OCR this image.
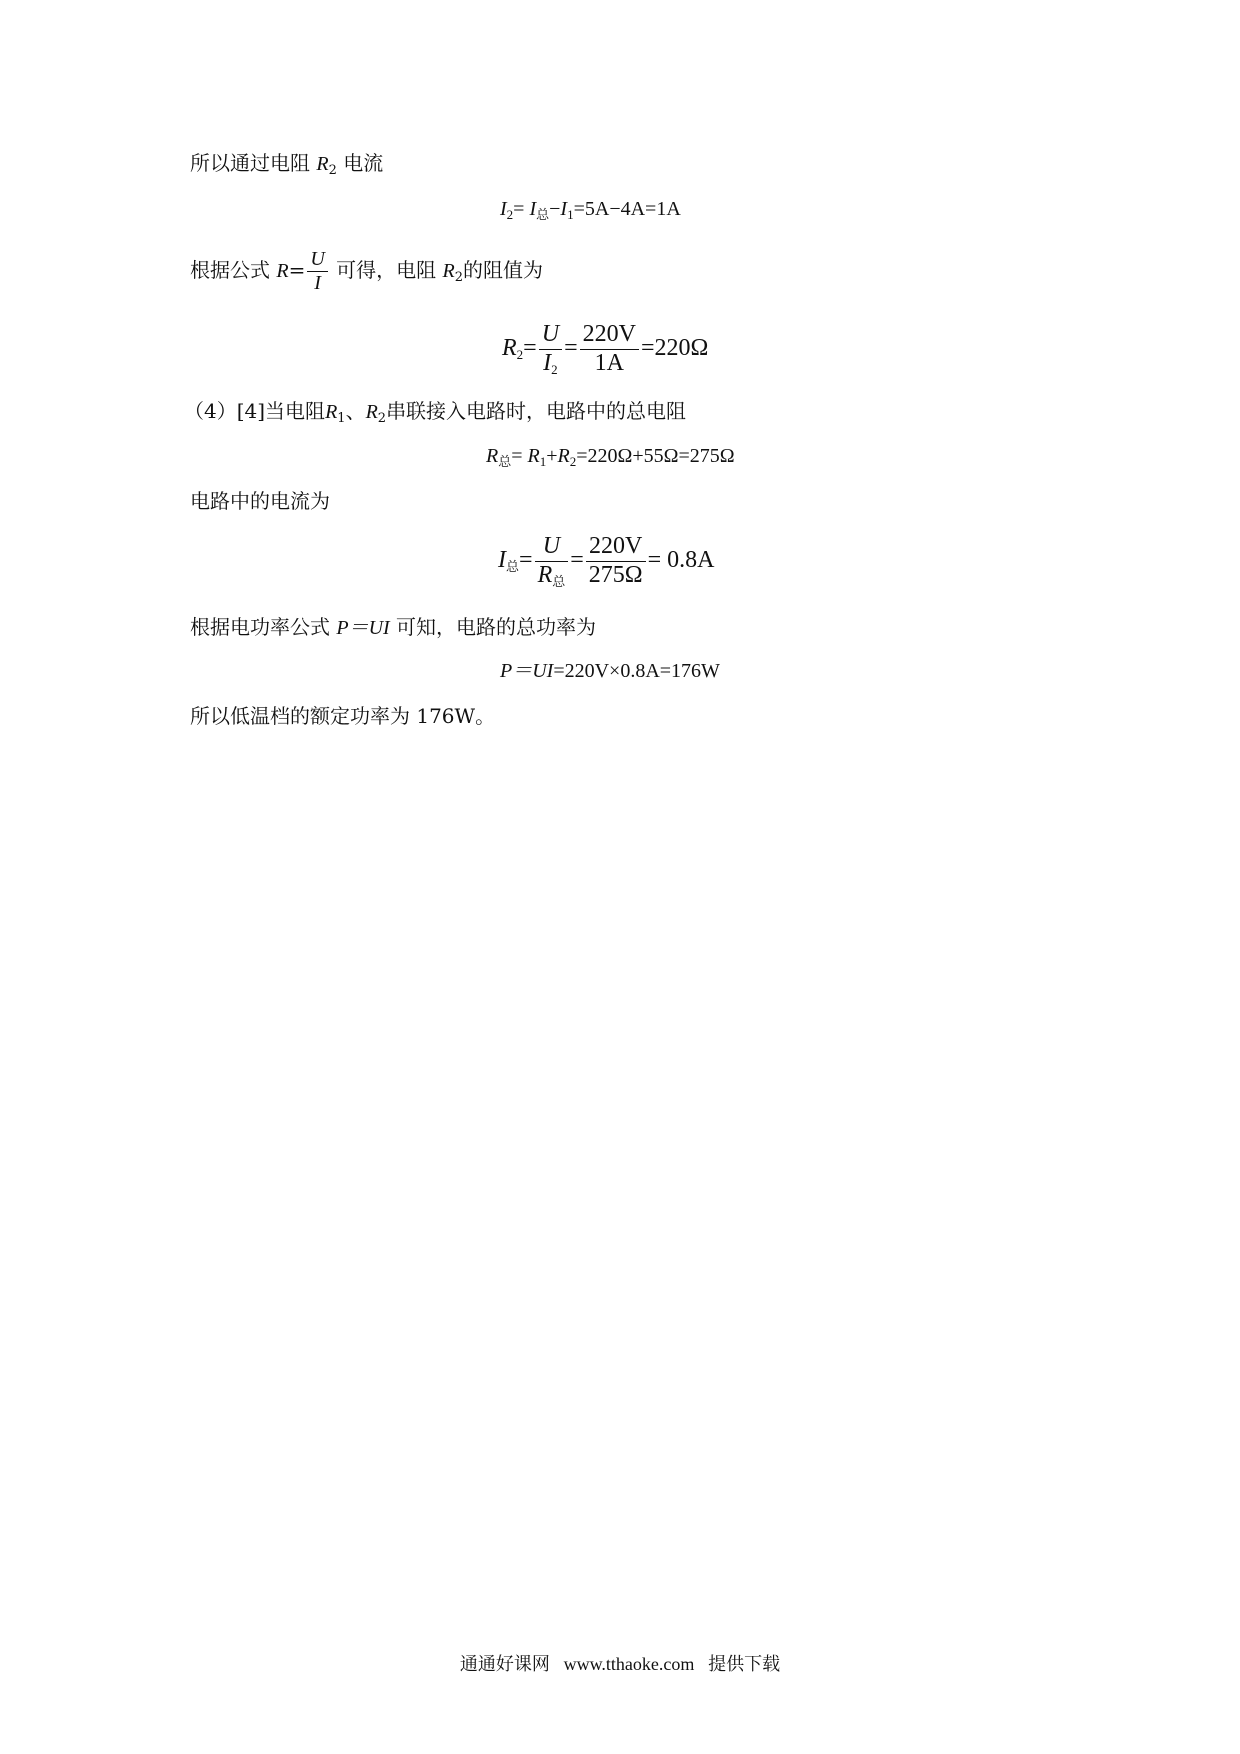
所以通过电阻 $R_2$ 电流
$I_2= I_总-I_1=5A-4A=1A$
根据公式 $R= \frac{U}{I}$ 可得，电阻 $R_2$的阻值为
$R_2= \frac{U}{I_2} = \frac{220V}{1A} =220\Omega$
（4）[4]当电阻$R_1$、$R_2$串联接入电路时，电路中的总电阻
$R_总= R_1+R_2=220\Omega+55\Omega=275\Omega$
电路中的电流为
$I_总= \frac{U}{R_总} = \frac{220V}{275\Omega} = 0.8A$
根据电功率公式 P＝UI 可知，电路的总功率为
P＝UI=220V×0.8A=176W
所以低温档的额定功率为 176W。
通通好课网 www.tthaoke.com 提供下载
